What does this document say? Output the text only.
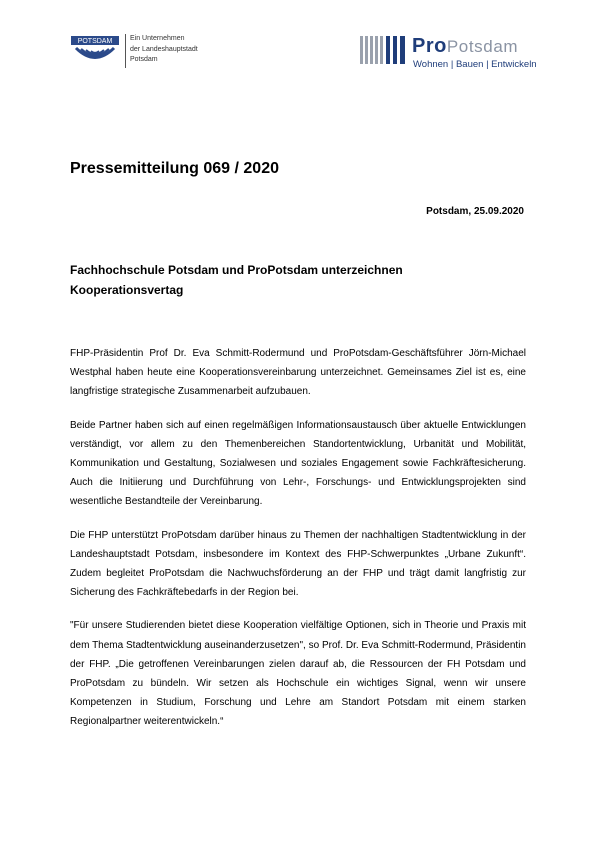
POTSDAM	Ein Unternehmen
der Landeshauptstadt
Potsdam
ProPotsdam
Wohnen | Bauen | Entwickeln
Pressemitteilung 069 / 2020

Potsdam, 25.09.2020

Fachhochschule Potsdam und ProPotsdam unterzeichnen
Kooperationsvertag

FHP-Präsidentin Prof Dr. Eva Schmitt-Rodermund und ProPotsdam-Geschäftsführer Jörn-Michael Westphal haben heute eine Kooperationsvereinbarung unterzeichnet. Gemeinsames Ziel ist es, eine langfristige strategische Zusammenarbeit aufzubauen.

Beide Partner haben sich auf einen regelmäßigen Informationsaustausch über aktuelle Entwicklungen verständigt, vor allem zu den Themenbereichen Standortentwicklung, Urbanität und Mobilität, Kommunikation und Gestaltung, Sozialwesen und soziales Engagement sowie Fachkräftesicherung. Auch die Initiierung und Durchführung von Lehr-, Forschungs- und Entwicklungsprojekten sind wesentliche Bestandteile der Vereinbarung.

Die FHP unterstützt ProPotsdam darüber hinaus zu Themen der nachhaltigen Stadtentwicklung in der Landeshauptstadt Potsdam, insbesondere im Kontext des FHP-Schwerpunktes „Urbane Zukunft“. Zudem begleitet ProPotsdam die Nachwuchsförderung an der FHP und trägt damit langfristig zur Sicherung des Fachkräftebedarfs in der Region bei.

"Für unsere Studierenden bietet diese Kooperation vielfältige Optionen, sich in Theorie und Praxis mit dem Thema Stadtentwicklung auseinanderzusetzen", so Prof. Dr. Eva Schmitt-Rodermund, Präsidentin der FHP. „Die getroffenen Vereinbarungen zielen darauf ab, die Ressourcen der FH Potsdam und ProPotsdam zu bündeln. Wir setzen als Hochschule ein wichtiges Signal, wenn wir unsere Kompetenzen in Studium, Forschung und Lehre am Standort Potsdam mit einem starken Regionalpartner weiterentwickeln.“
